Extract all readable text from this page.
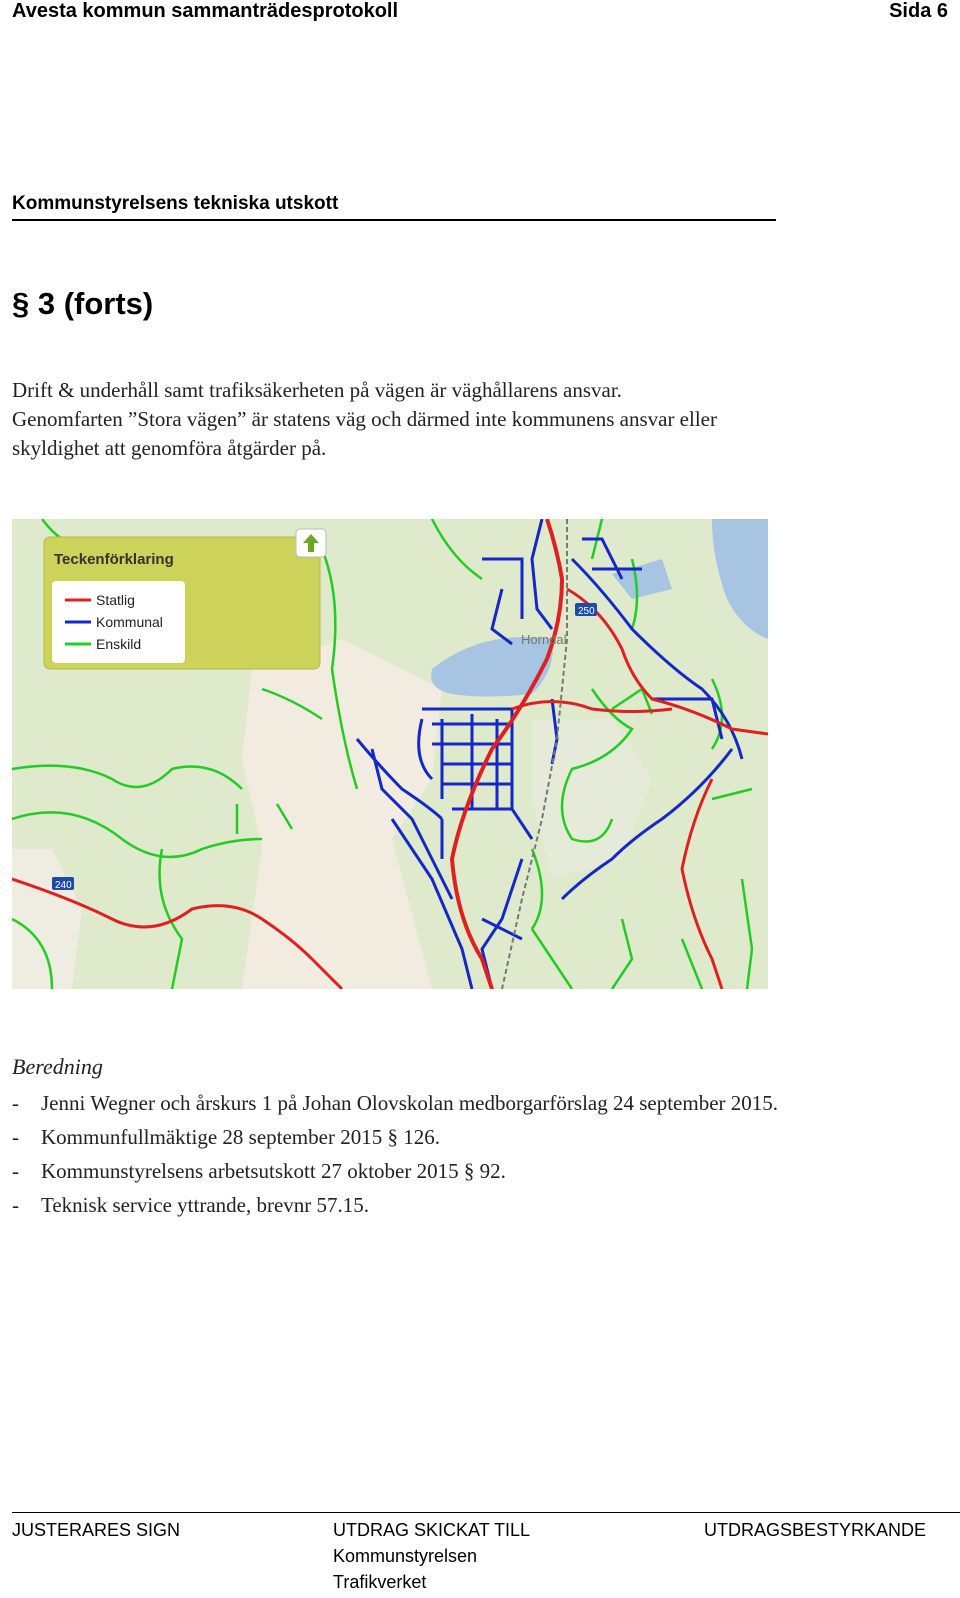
Avesta kommun sammanträdesprotokoll	Sida 6
Kommunstyrelsens tekniska utskott
§ 3 (forts)
Drift & underhåll samt trafiksäkerheten på vägen är väghållarens ansvar.
Genomfarten ”Stora vägen” är statens väg och därmed inte kommunens ansvar eller
skyldighet att genomföra åtgärder på.
Horndal
240
250
Teckenförklaring
Statlig
Kommunal
Enskild
Beredning
- Jenni Wegner och årskurs 1 på Johan Olovskolan medborgarförslag 24 september 2015.
- Kommunfullmäktige 28 september 2015 § 126.
- Kommunstyrelsens arbetsutskott 27 oktober 2015 § 92.
- Teknisk service yttrande, brevnr 57.15.
JUSTERARES SIGN	UTDRAG SKICKAT TILL
Kommunstyrelsen
Trafikverket
UTDRAGSBESTYRKANDE
